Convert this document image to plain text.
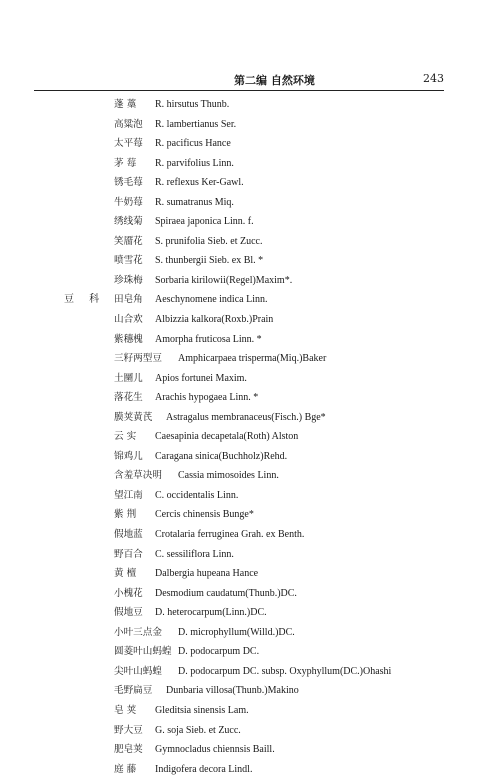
第二编 自然环境	243
蓬 藁 R. hirsutus Thunb.
高粱泡 R. lambertianus Ser.
太平莓 R. pacificus Hance
茅 莓 R. parvifolius Linn.
锈毛莓 R. reflexus Ker-Gawl.
牛奶莓 R. sumatranus Miq.
绣线菊 Spiraea japonica Linn. f.
笑靥花 S. prunifolia Sieb. et Zucc.
喷雪花 S. thunbergii Sieb. ex Bl. *
珍珠梅 Sorbaria kirilowii(Regel)Maxim*.
豆 科 田皂角 Aeschynomene indica Linn.
山合欢 Albizzia kalkora(Roxb.)Prain
紫穗槐 Amorpha fruticosa Linn. *
三籽两型豆 Amphicarpaea trisperma(Miq.)Baker
土圞儿 Apios fortunei Maxim.
落花生 Arachis hypogaea Linn. *
膜荚黄芪 Astragalus membranaceus(Fisch.) Bge*
云 实 Caesapinia decapetala(Roth) Alston
锦鸡儿 Caragana sinica(Buchholz)Rehd.
含羞草决明 Cassia mimosoides Linn.
望江南 C. occidentalis Linn.
紫 荆 Cercis chinensis Bunge*
假地蓝 Crotalaria ferruginea Grah. ex Benth.
野百合 C. sessiliflora Linn.
黄 檀 Dalbergia hupeana Hance
小槐花 Desmodium caudatum(Thunb.)DC.
假地豆 D. heterocarpum(Linn.)DC.
小叶三点金 D. microphyllum(Willd.)DC.
圆菱叶山蚂蝗 D. podocarpum DC.
尖叶山蚂蝗 D. podocarpum DC. subsp. Oxyphyllum(DC.)Ohashi
毛野扁豆 Dunbaria villosa(Thunb.)Makino
皂 荚 Gleditsia sinensis Lam.
野大豆 G. soja Sieb. et Zucc.
肥皂荚 Gymnocladus chiennsis Baill.
庭 藤 Indigofera decora Lindl.
